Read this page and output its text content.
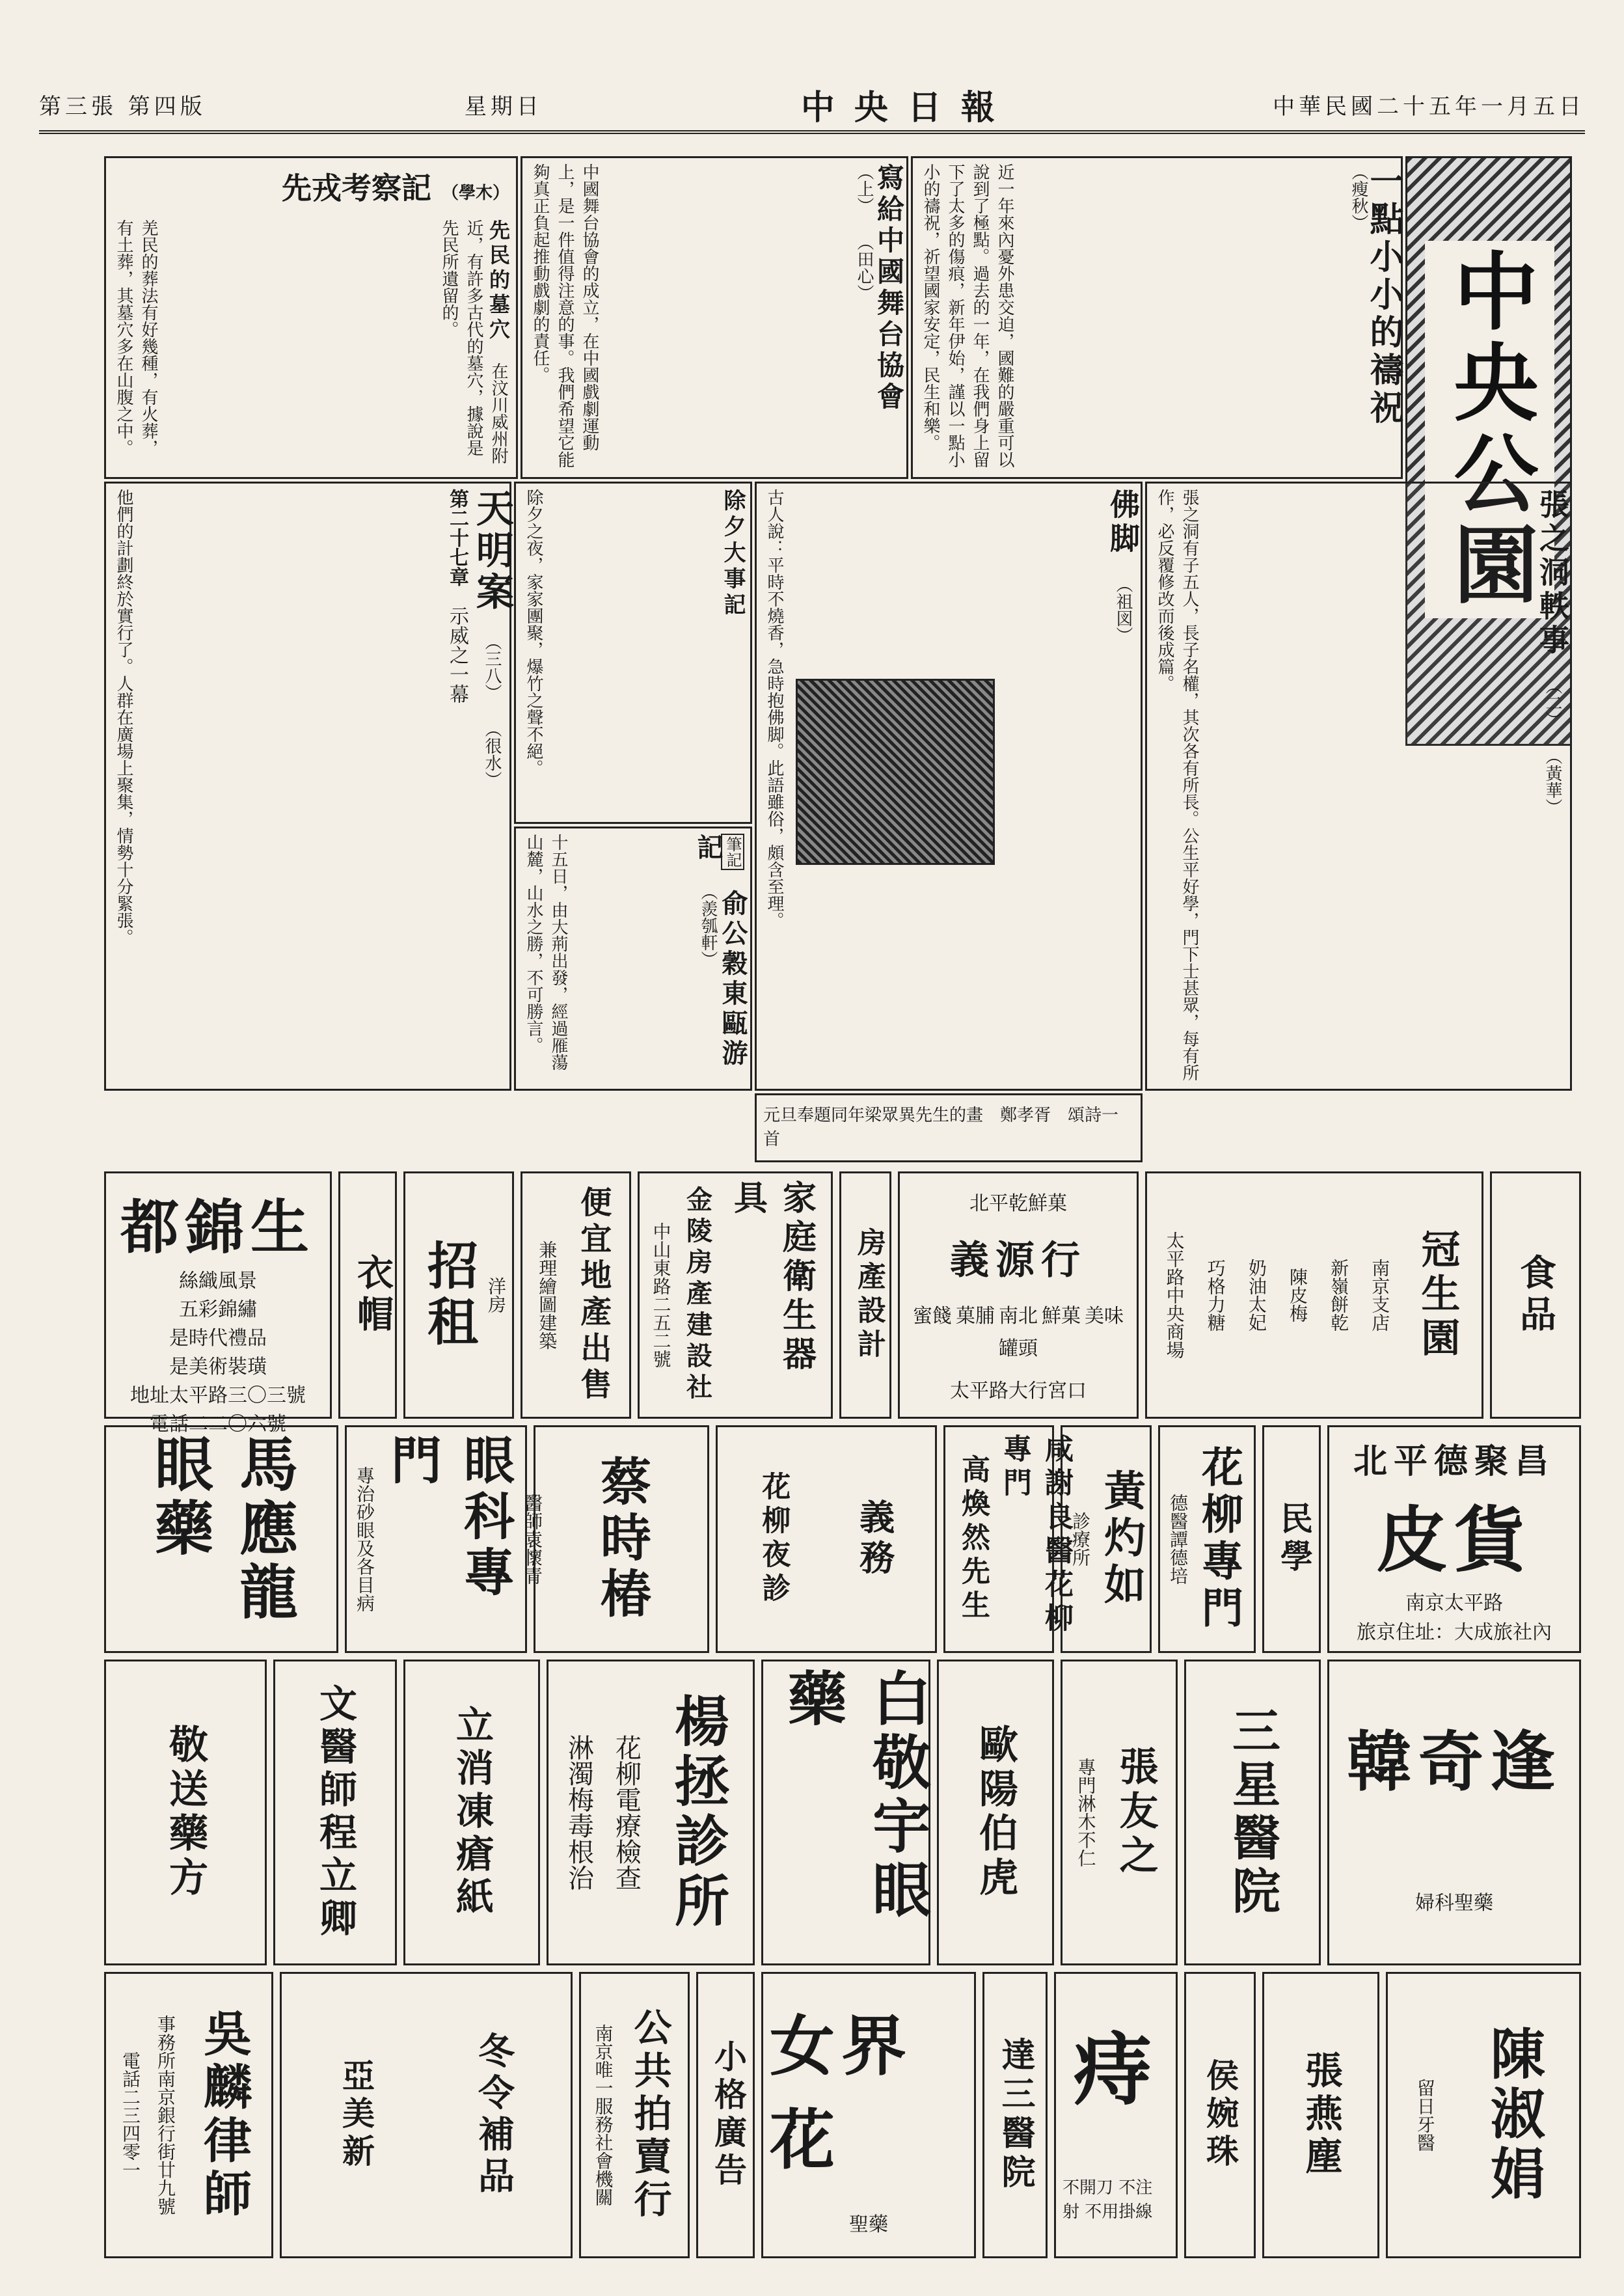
第三張 第四版	星期日	中央日報	中華民國二十五年一月五日
中央公園
一點小小的禱祝 （瘦秋）
近一年來內憂外患交迫，國難的嚴重可以說到了極點。過去的一年，在我們身上留下了太多的傷痕，新年伊始，謹以一點小小的禱祝，祈望國家安定，民生和樂。
寫給中國舞台協會 （上） （田心）
中國舞台協會的成立，在中國戲劇運動上，是一件值得注意的事。我們希望它能夠真正負起推動戲劇的責任。
先戎考察記 （學木）
先民的墓穴 在汶川威州附近，有許多古代的墓穴，據說是先民所遺留的。
羌民的葬法有好幾種，有火葬，有土葬，其墓穴多在山腹之中。
張之洞軼事 （二） （黃華）
張之洞有子五人，長子名權，其次各有所長。公生平好學，門下士甚眾，每有所作，必反覆修改而後成篇。
佛脚 （祖図）
古人說：平時不燒香，急時抱佛脚。此語雖俗，頗含至理。
天明案 （三八） （很水）
第二十七章 示威之一幕
他們的計劃終於實行了。人群在廣場上聚集，情勢十分緊張。	筆記 俞公穀東甌游記 （羨瓠軒）
十五日，由大荊出發，經過雁蕩山麓，山水之勝，不可勝言。
除夕大事記
除夕之夜，家家團聚，爆竹之聲不絕。
元旦奉題同年梁眾異先生的畫　鄭孝胥　頌詩一首
食品
冠生園
南京支店
新嶺餅乾
陳皮梅
奶油太妃
巧格力糖
太平路中央商場
北平乾鮮菓
義源行
蜜餞 菓脯 南北 鮮菓 美味
罐頭
太平路大行宮口
房產設計
家庭衛生器具
金陵房產建設社
中山東路二五二號
便宜地產出售
兼理繪圖建築
洋房
招租
衣帽
都錦生
絲織風景
五彩錦繡
是時代禮品
是美術裝璜
地址太平路三〇三號
電話二二〇六號
北平德聚昌
皮貨
南京太平路
旅京住址：大成旅社內
民學
花柳專門
德醫譚德培
黃灼如
診療所
咸謝良醫花柳專門
高煥然先生
義務
花柳夜診
蔡時椿
醫師袁懷青
眼科專門
專治砂眼及各目病
馬應龍眼藥
韓奇逢
婦科聖藥
三星醫院
張友之
專門淋木不仁
歐陽伯虎
白敬宇眼藥
楊拯診所
花柳電療檢查
淋濁梅毒根治
立消凍瘡紙
文醫師程立卿
敬送藥方
陳淑娟
留日牙醫
張燕塵
侯婉珠
痔
不開刀 不注射 不用掛線
達三醫院
女界花
聖藥
小格廣告
公共拍賣行
南京唯一服務社會機關
冬令補品
亞美新
吳麟律師
事務所南京銀行街廿九號
電話二三四零一
